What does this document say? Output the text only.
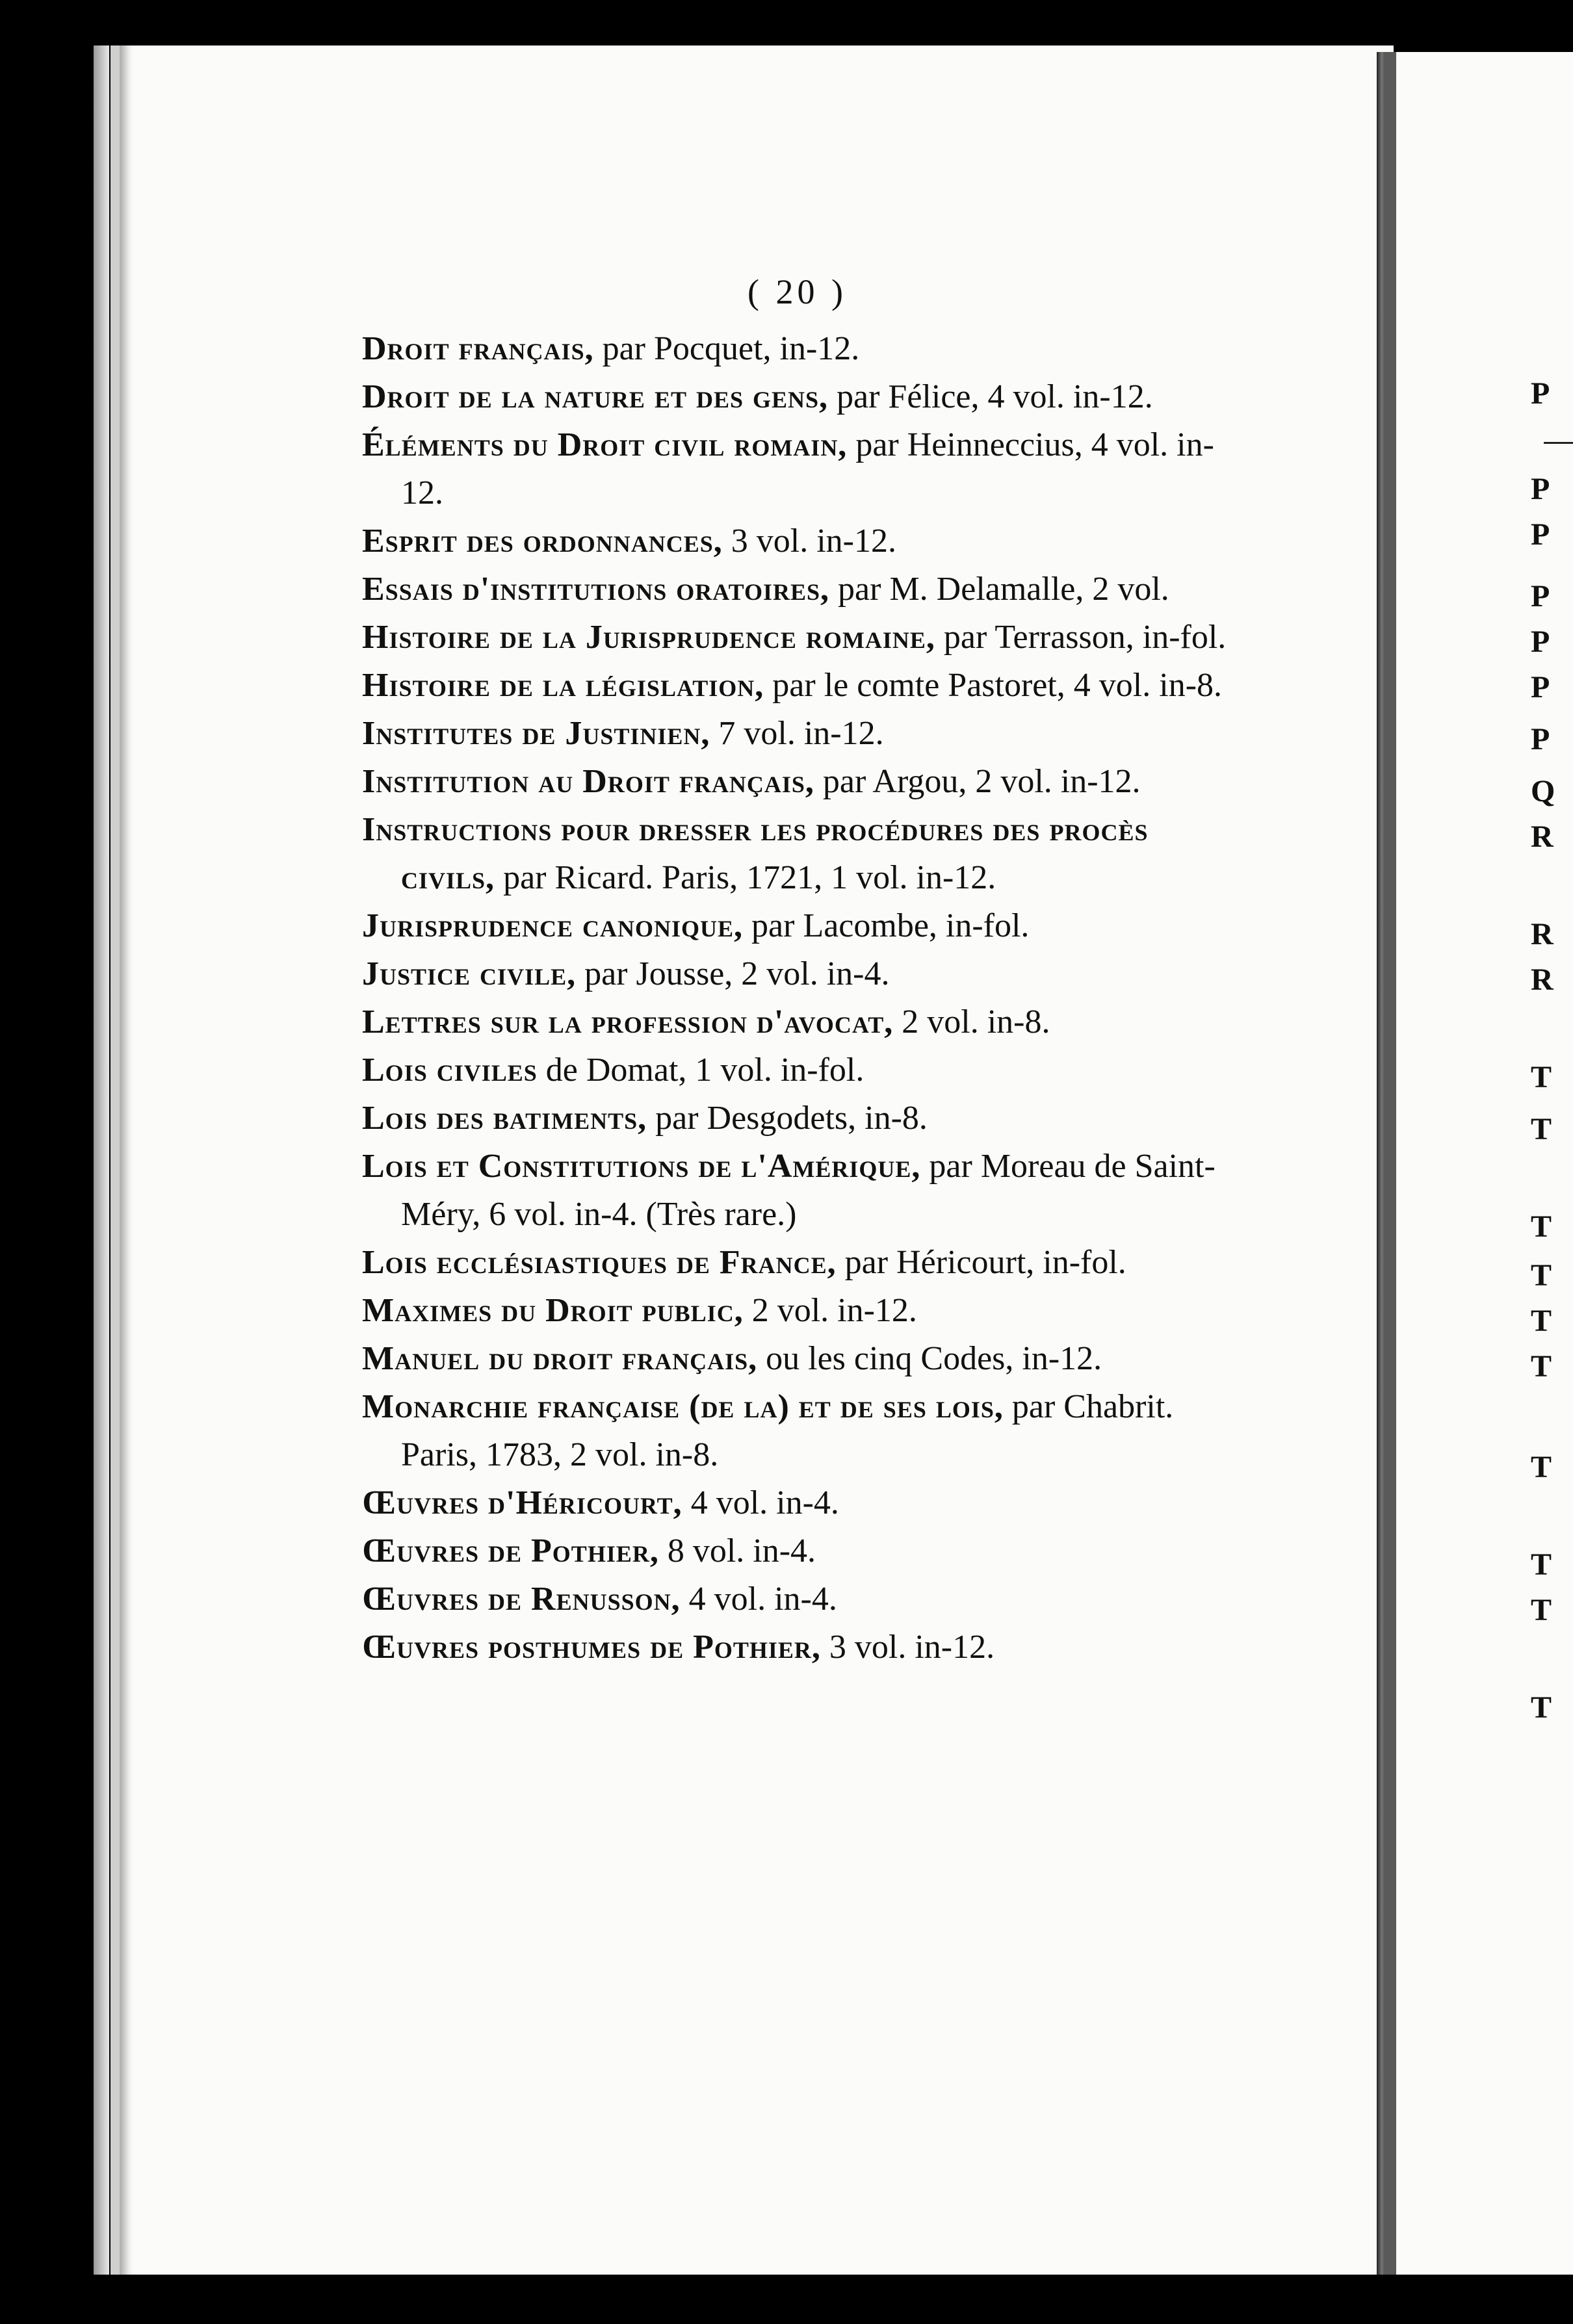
( 20 )
Droit français, par Pocquet, in-12.
Droit de la nature et des gens, par Félice, 4 vol. in-12.
Éléments du Droit civil romain, par Heinneccius, 4 vol. in-12.
Esprit des ordonnances, 3 vol. in-12.
Essais d'institutions oratoires, par M. Delamalle, 2 vol.
Histoire de la Jurisprudence romaine, par Terrasson, in-fol.
Histoire de la législation, par le comte Pastoret, 4 vol. in-8.
Institutes de Justinien, 7 vol. in-12.
Institution au Droit français, par Argou, 2 vol. in-12.
Instructions pour dresser les procédures des procès civils, par Ricard. Paris, 1721, 1 vol. in-12.
Jurisprudence canonique, par Lacombe, in-fol.
Justice civile, par Jousse, 2 vol. in-4.
Lettres sur la profession d'avocat, 2 vol. in-8.
Lois civiles de Domat, 1 vol. in-fol.
Lois des batiments, par Desgodets, in-8.
Lois et Constitutions de l'Amérique, par Moreau de Saint-Méry, 6 vol. in-4. (Très rare.)
Lois ecclésiastiques de France, par Héricourt, in-fol.
Maximes du Droit public, 2 vol. in-12.
Manuel du droit français, ou les cinq Codes, in-12.
Monarchie française (de la) et de ses lois, par Chabrit. Paris, 1783, 2 vol. in-8.
Œuvres d'Héricourt, 4 vol. in-4.
Œuvres de Pothier, 8 vol. in-4.
Œuvres de Renusson, 4 vol. in-4.
Œuvres posthumes de Pothier, 3 vol. in-12.
P
P
P
P
P
P
P
Q
R
R
R
T
T
T
T
T
T
T
T
T
T
